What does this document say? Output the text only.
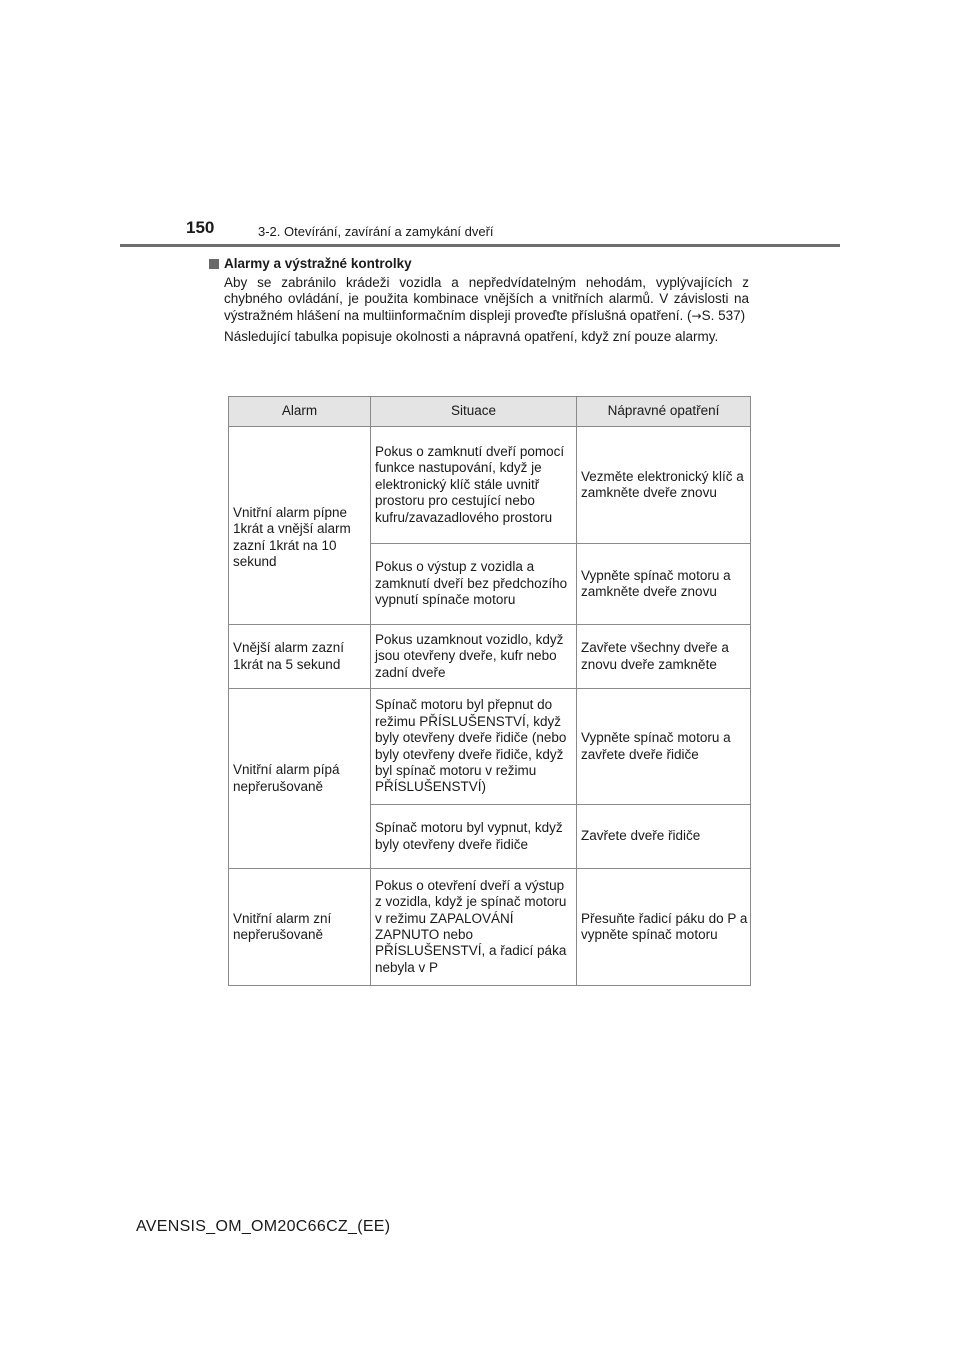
150	3-2. Otevírání, zavírání a zamykání dveří
Alarmy a výstražné kontrolky

Aby se zabránilo krádeži vozidla a nepředvídatelným nehodám, vyplývajících z chybného ovládání, je použita kombinace vnějších a vnitřních alarmů. V závislosti na výstražném hlášení na multiinformačním displeji proveďte příslušná opatření. (→S. 537)

Následující tabulka popisuje okolnosti a nápravná opatření, když zní pouze alarmy.

Alarm	Situace	Nápravné opatření
Vnitřní alarm pípne 1krát a vnější alarm zazní 1krát na 10 sekund	Pokus o zamknutí dveří pomocí funkce nastupování, když je elektronický klíč stále uvnitř prostoru pro cestující nebo kufru/zavazadlového prostoru	Vezměte elektronický klíč a zamkněte dveře znovu
	Pokus o výstup z vozidla a zamknutí dveří bez předchozího vypnutí spínače motoru	Vypněte spínač motoru a zamkněte dveře znovu
Vnější alarm zazní 1krát na 5 sekund	Pokus uzamknout vozidlo, když jsou otevřeny dveře, kufr nebo zadní dveře	Zavřete všechny dveře a znovu dveře zamkněte
Vnitřní alarm pípá nepřerušovaně	Spínač motoru byl přepnut do režimu PŘÍSLUŠENSTVÍ, když byly otevřeny dveře řidiče (nebo byly otevřeny dveře řidiče, když byl spínač motoru v režimu PŘÍSLUŠENSTVÍ)	Vypněte spínač motoru a zavřete dveře řidiče
	Spínač motoru byl vypnut, když byly otevřeny dveře řidiče	Zavřete dveře řidiče
Vnitřní alarm zní nepřerušovaně	Pokus o otevření dveří a výstup z vozidla, když je spínač motoru v režimu ZAPALOVÁNÍ ZAPNUTO nebo PŘÍSLUŠENSTVÍ, a řadicí páka nebyla v P	Přesuňte řadicí páku do P a vypněte spínač motoru
AVENSIS_OM_OM20C66CZ_(EE)
